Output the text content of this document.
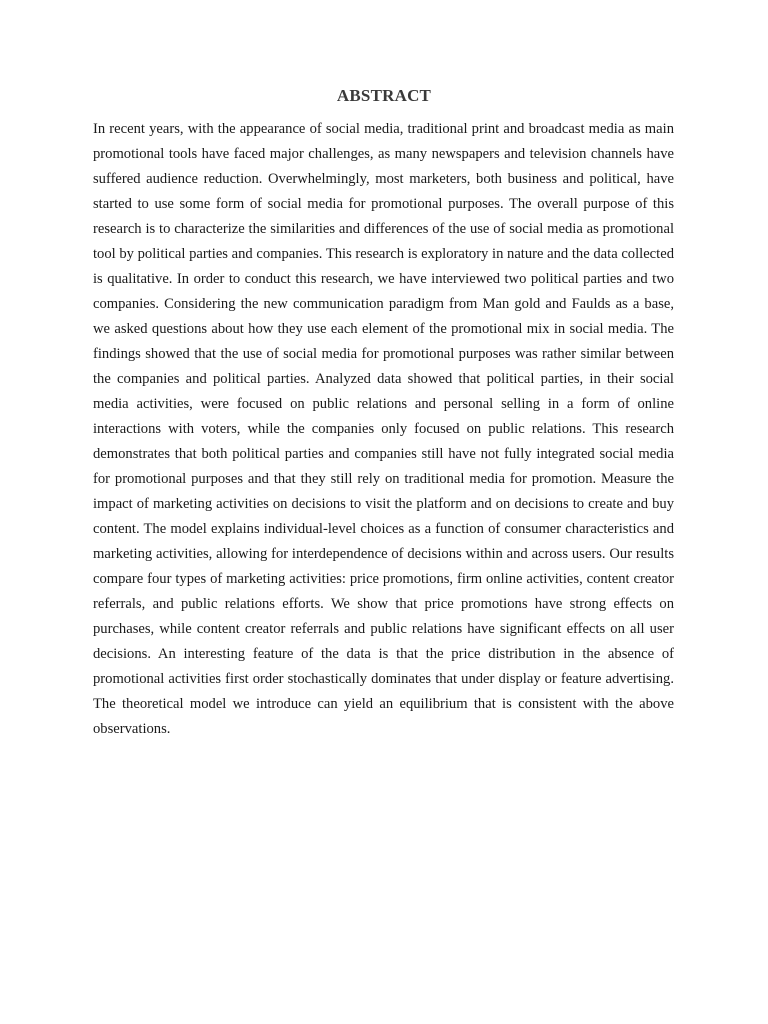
ABSTRACT

In recent years, with the appearance of social media, traditional print and broadcast media as main promotional tools have faced major challenges, as many newspapers and television channels have suffered audience reduction. Overwhelmingly, most marketers, both business and political, have started to use some form of social media for promotional purposes. The overall purpose of this research is to characterize the similarities and differences of the use of social media as promotional tool by political parties and companies. This research is exploratory in nature and the data collected is qualitative. In order to conduct this research, we have interviewed two political parties and two companies. Considering the new communication paradigm from Man gold and Faulds as a base, we asked questions about how they use each element of the promotional mix in social media. The findings showed that the use of social media for promotional purposes was rather similar between the companies and political parties. Analyzed data showed that political parties, in their social media activities, were focused on public relations and personal selling in a form of online interactions with voters, while the companies only focused on public relations. This research demonstrates that both political parties and companies still have not fully integrated social media for promotional purposes and that they still rely on traditional media for promotion. Measure the impact of marketing activities on decisions to visit the platform and on decisions to create and buy content. The model explains individual-level choices as a function of consumer characteristics and marketing activities, allowing for interdependence of decisions within and across users. Our results compare four types of marketing activities: price promotions, firm online activities, content creator referrals, and public relations efforts. We show that price promotions have strong effects on purchases, while content creator referrals and public relations have significant effects on all user decisions. An interesting feature of the data is that the price distribution in the absence of promotional activities first order stochastically dominates that under display or feature advertising. The theoretical model we introduce can yield an equilibrium that is consistent with the above observations.
